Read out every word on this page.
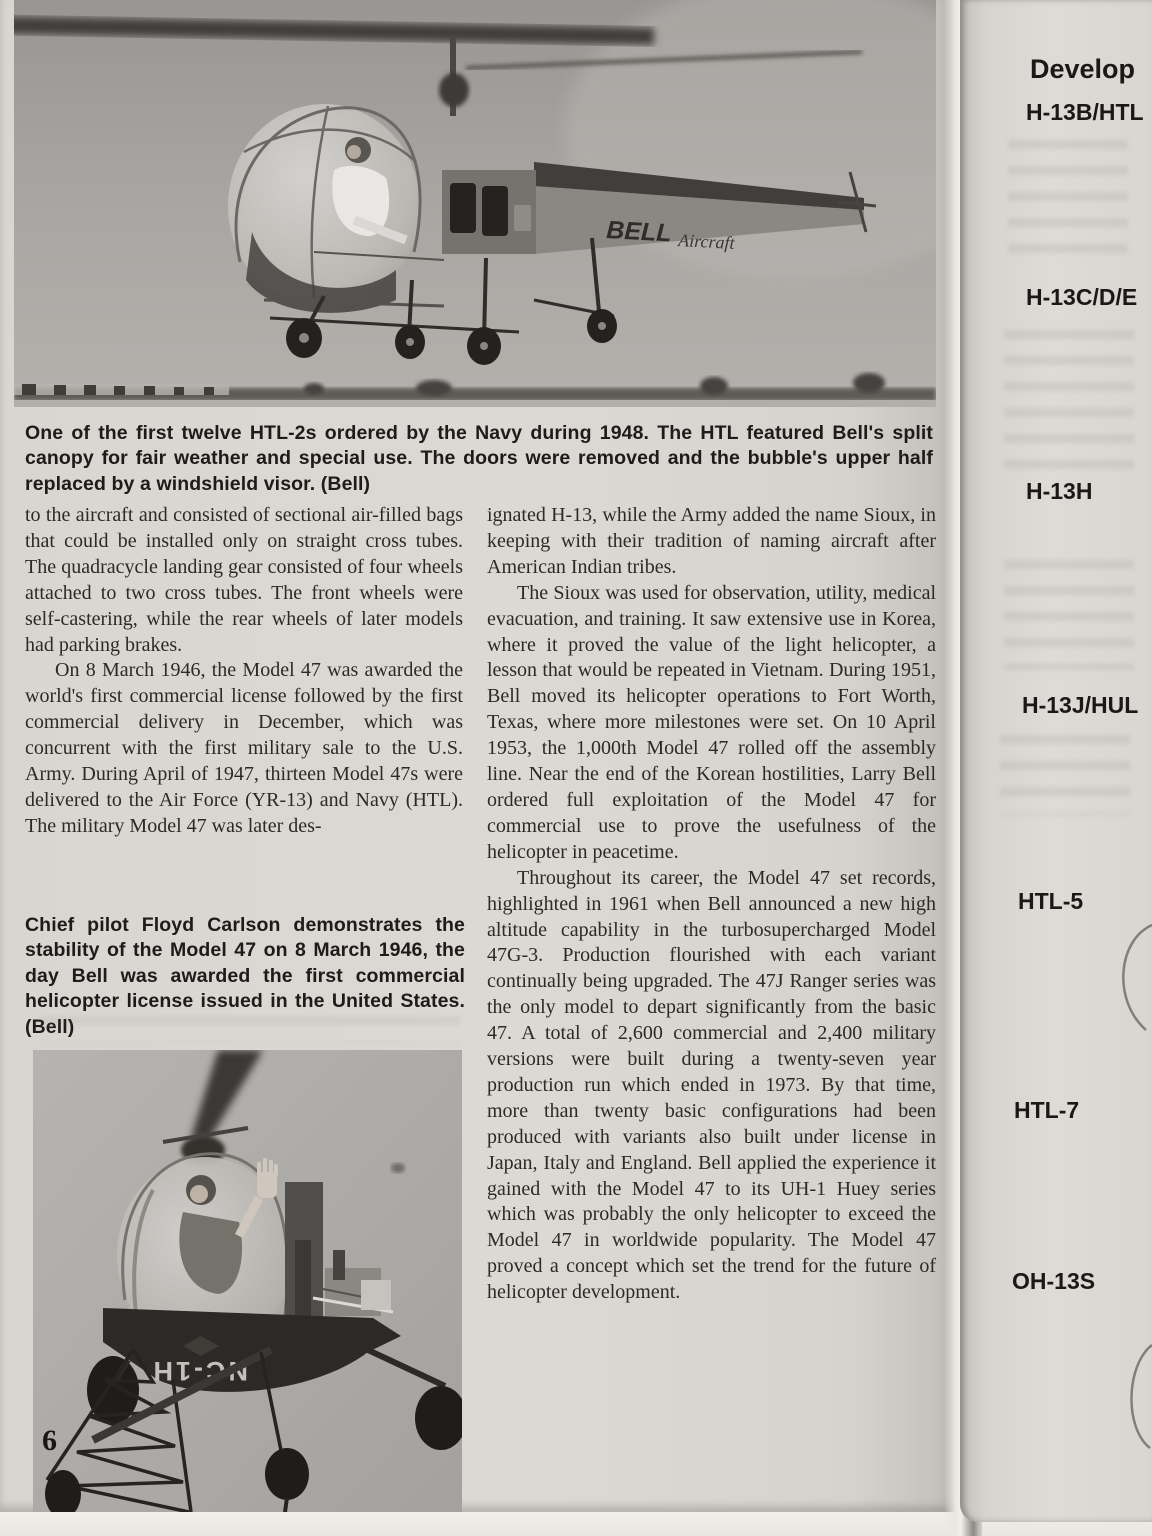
Develop
H-13B/HTL
H-13C/D/E
H-13H
H-13J/HUL
HTL-5
HTL-7
OH-13S
BELL Aircraft
One of the first twelve HTL-2s ordered by the Navy during 1948. The HTL featured Bell's split canopy for fair weather and special use. The doors were removed and the bubble's upper half replaced by a windshield visor. (Bell)

to the aircraft and consisted of sectional air-filled bags that could be installed only on straight cross tubes. The quadracycle landing gear consisted of four wheels attached to two cross tubes. The front wheels were self-castering, while the rear wheels of later models had parking brakes.

On 8 March 1946, the Model 47 was awarded the world's first commercial license followed by the first commercial delivery in December, which was concurrent with the first military sale to the U.S. Army. During April of 1947, thirteen Model 47s were delivered to the Air Force (YR-13) and Navy (HTL). The military Model 47 was later des-

Chief pilot Floyd Carlson demonstrates the stability of the Model 47 on 8 March 1946, the day Bell was awarded the first commercial helicopter license issued in the United States. (Bell)
NC-1H
6

ignated H-13, while the Army added the name Sioux, in keeping with their tradition of naming aircraft after American Indian tribes.

The Sioux was used for observation, utility, medical evacuation, and training. It saw extensive use in Korea, where it proved the value of the light helicopter, a lesson that would be repeated in Vietnam. During 1951, Bell moved its helicopter operations to Fort Worth, Texas, where more milestones were set. On 10 April 1953, the 1,000th Model 47 rolled off the assembly line. Near the end of the Korean hostilities, Larry Bell ordered full exploitation of the Model 47 for commercial use to prove the usefulness of the helicopter in peacetime.

Throughout its career, the Model 47 set records, highlighted in 1961 when Bell announced a new high altitude capability in the turbosupercharged Model 47G-3. Production flourished with each variant continually being upgraded. The 47J Ranger series was the only model to depart significantly from the basic 47. A total of 2,600 commercial and 2,400 military versions were built during a twenty-seven year production run which ended in 1973. By that time, more than twenty basic configurations had been produced with variants also built under license in Japan, Italy and England. Bell applied the experience it gained with the Model 47 to its UH-1 Huey series which was probably the only helicopter to exceed the Model 47 in worldwide popularity. The Model 47 proved a concept which set the trend for the future of helicopter development.
